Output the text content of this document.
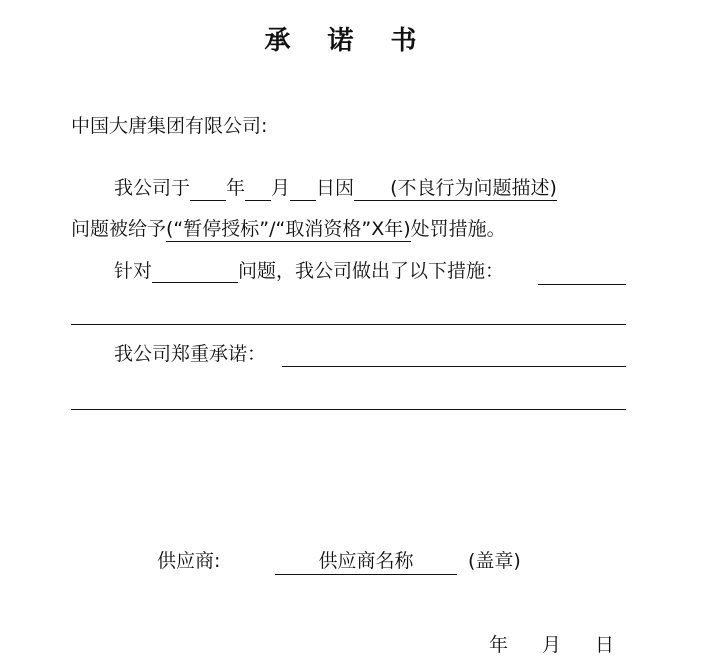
承 诺 书
中国大唐集团有限公司:
我公司于 年 月 日因 (不良行为问题描述)
问题被给予(“暂停授标”/“取消资格”X年)处罚措施。
针对	问题，我公司做出了以下措施：
我公司郑重承诺：
供应商:	供应商名称	(盖章)
年 月 日
